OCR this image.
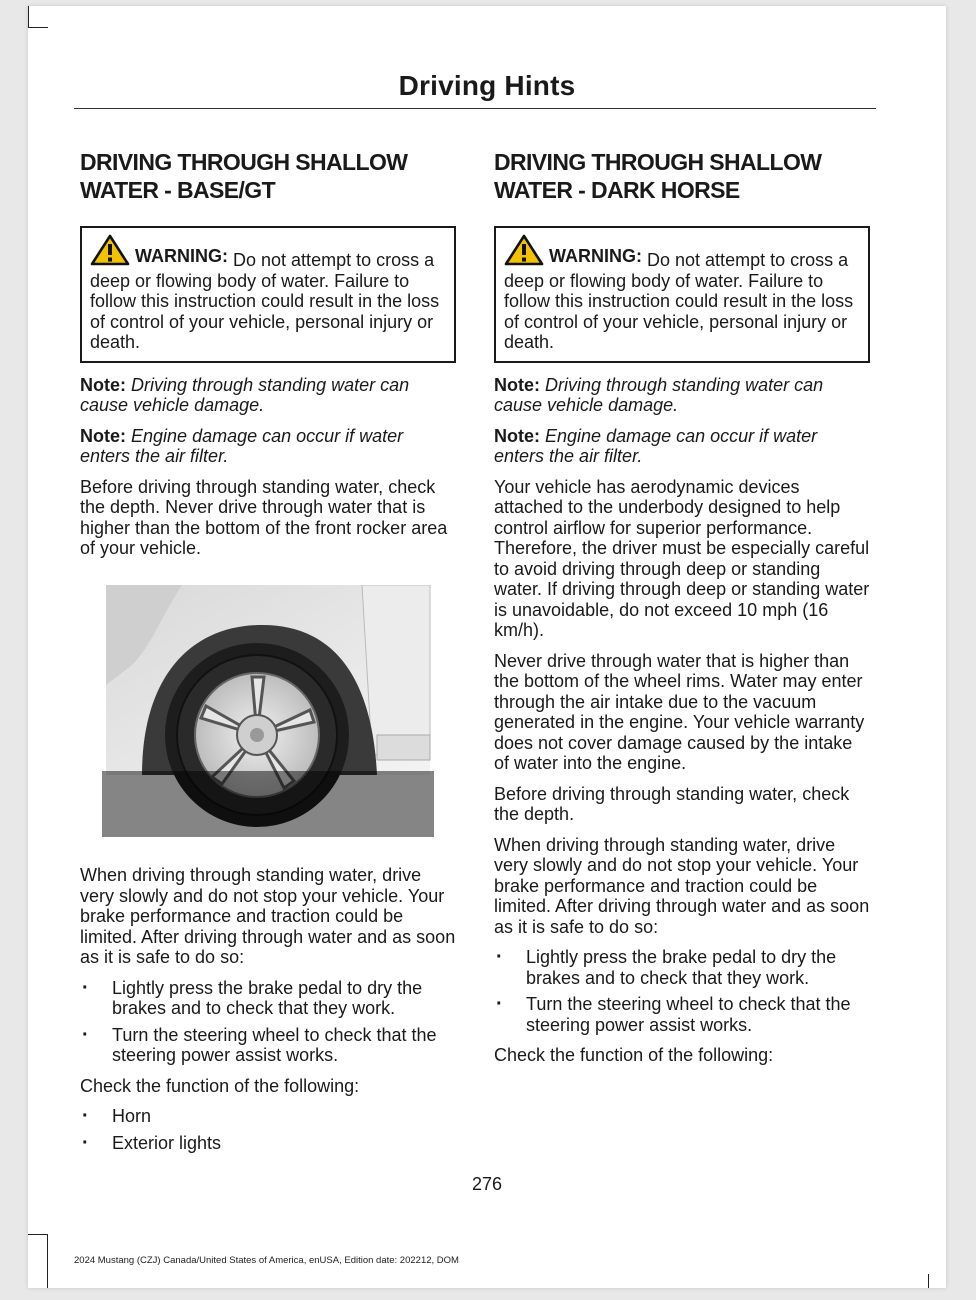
Driving Hints
DRIVING THROUGH SHALLOW WATER - BASE/GT
WARNING: Do not attempt to cross a deep or flowing body of water. Failure to follow this instruction could result in the loss of control of your vehicle, personal injury or death.

Note: Driving through standing water can cause vehicle damage.

Note: Engine damage can occur if water enters the air filter.

Before driving through standing water, check the depth. Never drive through water that is higher than the bottom of the front rocker area of your vehicle.

When driving through standing water, drive very slowly and do not stop your vehicle. Your brake performance and traction could be limited. After driving through water and as soon as it is safe to do so:

· Lightly press the brake pedal to dry the brakes and to check that they work.
· Turn the steering wheel to check that the steering power assist works.

Check the function of the following:

· Horn
· Exterior lights
DRIVING THROUGH SHALLOW WATER - DARK HORSE
WARNING: Do not attempt to cross a deep or flowing body of water. Failure to follow this instruction could result in the loss of control of your vehicle, personal injury or death.

Note: Driving through standing water can cause vehicle damage.

Note: Engine damage can occur if water enters the air filter.

Your vehicle has aerodynamic devices attached to the underbody designed to help control airflow for superior performance. Therefore, the driver must be especially careful to avoid driving through deep or standing water. If driving through deep or standing water is unavoidable, do not exceed 10 mph (16 km/h).

Never drive through water that is higher than the bottom of the wheel rims. Water may enter through the air intake due to the vacuum generated in the engine. Your vehicle warranty does not cover damage caused by the intake of water into the engine.

Before driving through standing water, check the depth.

When driving through standing water, drive very slowly and do not stop your vehicle. Your brake performance and traction could be limited. After driving through water and as soon as it is safe to do so:

· Lightly press the brake pedal to dry the brakes and to check that they work.
· Turn the steering wheel to check that the steering power assist works.

Check the function of the following:

276
2024 Mustang (CZJ) Canada/United States of America, enUSA, Edition date: 202212, DOM
